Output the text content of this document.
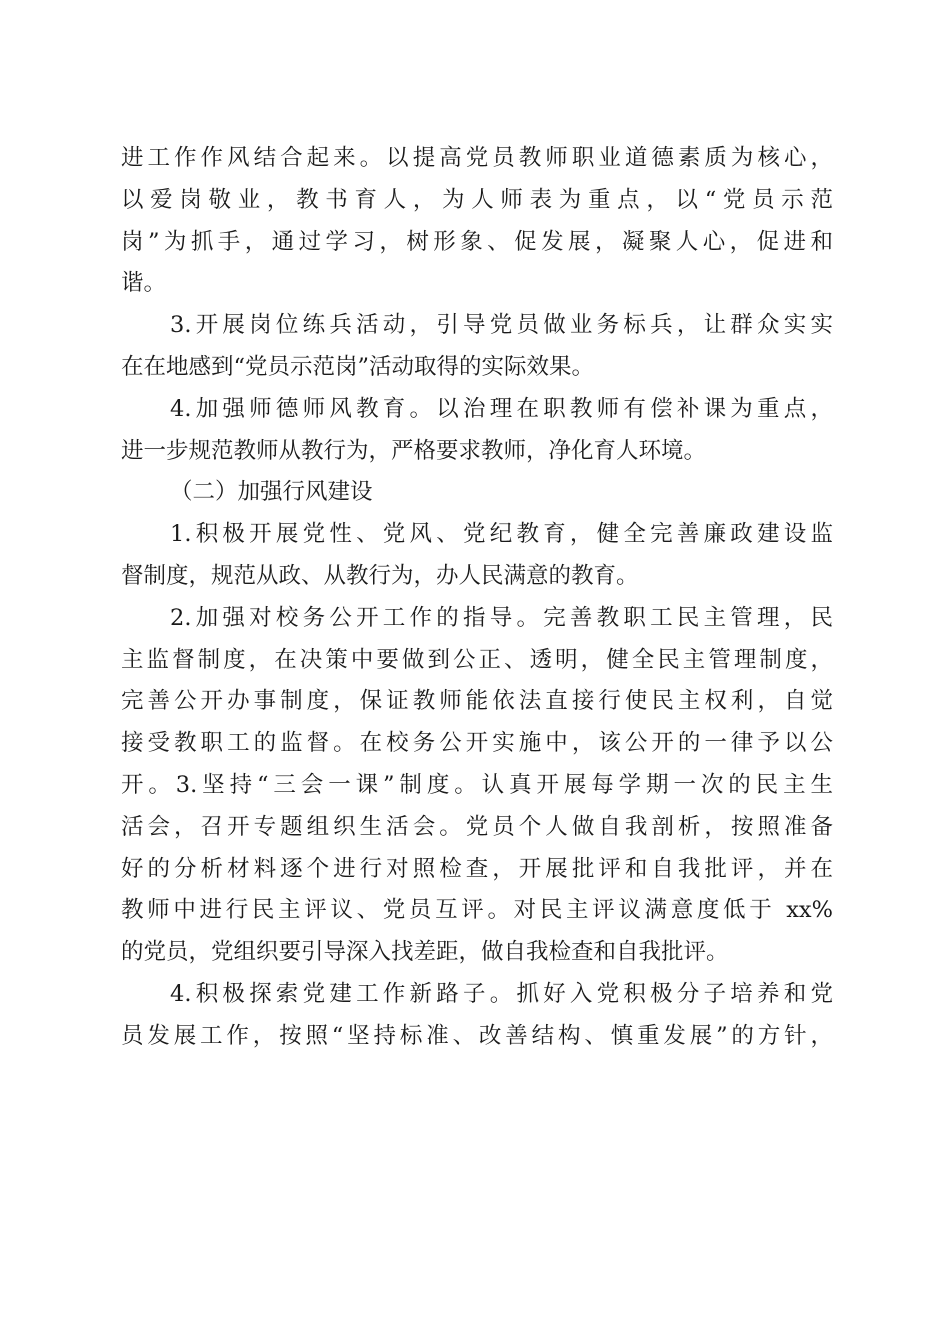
进工作作风结合起来。以提高党员教师职业道德素质为核心，
以爱岗敬业，教书育人，为人师表为重点，以“党员示范
岗”为抓手，通过学习，树形象、促发展，凝聚人心，促进和
谐。
3.开展岗位练兵活动，引导党员做业务标兵，让群众实实
在在地感到“党员示范岗”活动取得的实际效果。
4.加强师德师风教育。以治理在职教师有偿补课为重点，
进一步规范教师从教行为，严格要求教师，净化育人环境。
（二）加强行风建设
1.积极开展党性、党风、党纪教育，健全完善廉政建设监
督制度，规范从政、从教行为，办人民满意的教育。
2.加强对校务公开工作的指导。完善教职工民主管理，民
主监督制度，在决策中要做到公正、透明，健全民主管理制度，
完善公开办事制度，保证教师能依法直接行使民主权利，自觉
接受教职工的监督。在校务公开实施中，该公开的一律予以公
开。3.坚持“三会一课”制度。认真开展每学期一次的民主生
活会，召开专题组织生活会。党员个人做自我剖析，按照准备
好的分析材料逐个进行对照检查，开展批评和自我批评，并在
教师中进行民主评议、党员互评。对民主评议满意度低于 xx%
的党员，党组织要引导深入找差距，做自我检查和自我批评。
4.积极探索党建工作新路子。抓好入党积极分子培养和党
员发展工作，按照“坚持标准、改善结构、慎重发展”的方针，
